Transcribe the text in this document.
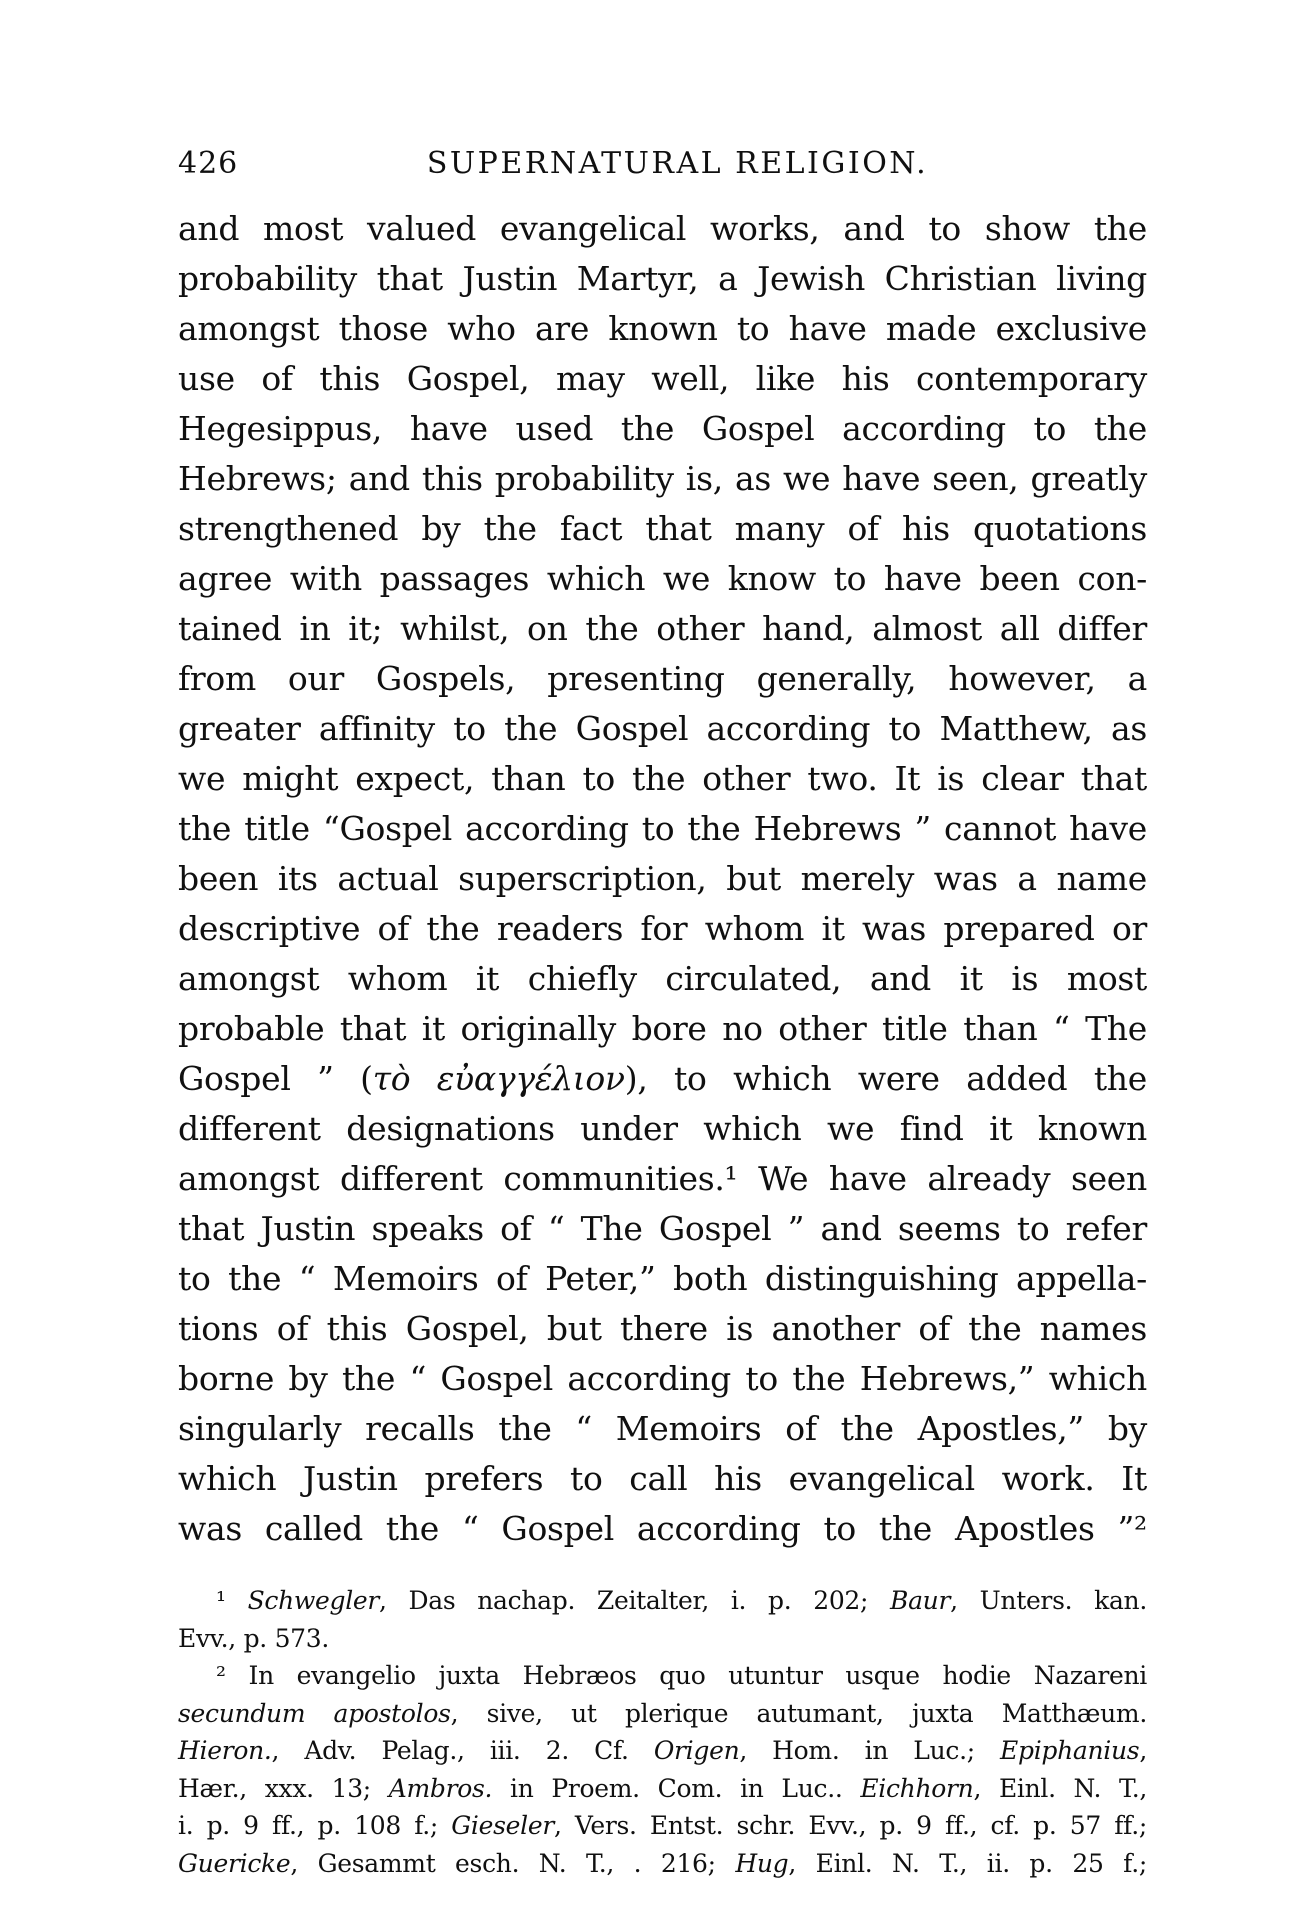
426	SUPERNATURAL RELIGION.
and most valued evangelical works, and to show the
probability that Justin Martyr, a Jewish Christian living
amongst those who are known to have made exclusive
use of this Gospel, may well, like his contemporary
Hegesippus, have used the Gospel according to the
Hebrews; and this probability is, as we have seen, greatly
strengthened by the fact that many of his quotations
agree with passages which we know to have been con-
tained in it; whilst, on the other hand, almost all differ
from our Gospels, presenting generally, however, a
greater affinity to the Gospel according to Matthew, as
we might expect, than to the other two. It is clear that
the title “Gospel according to the Hebrews ” cannot have
been its actual superscription, but merely was a name
descriptive of the readers for whom it was prepared or
amongst whom it chiefly circulated, and it is most
probable that it originally bore no other title than “ The
Gospel ” (τὸ εὐαγγέλιον), to which were added the
different designations under which we find it known
amongst different communities.¹ We have already seen
that Justin speaks of “ The Gospel ” and seems to refer
to the “ Memoirs of Peter,” both distinguishing appella-
tions of this Gospel, but there is another of the names
borne by the “ Gospel according to the Hebrews,” which
singularly recalls the “ Memoirs of the Apostles,” by
which Justin prefers to call his evangelical work. It
was called the “ Gospel according to the Apostles ”²
¹ Schwegler, Das nachap. Zeitalter, i. p. 202; Baur, Unters. kan.
Evv., p. 573.
² In evangelio juxta Hebræos quo utuntur usque hodie Nazareni
secundum apostolos, sive, ut plerique autumant, juxta Matthæum.
Hieron., Adv. Pelag., iii. 2. Cf. Origen, Hom. in Luc.; Epiphanius,
Hær., xxx. 13; Ambros. in Proem. Com. in Luc.. Eichhorn, Einl. N. T.,
i. p. 9 ff., p. 108 f.; Gieseler, Vers. Entst. schr. Evv., p. 9 ff., cf. p. 57 ff.;
Guericke, Gesammt esch. N. T., . 216; Hug, Einl. N. T., ii. p. 25 f.;
